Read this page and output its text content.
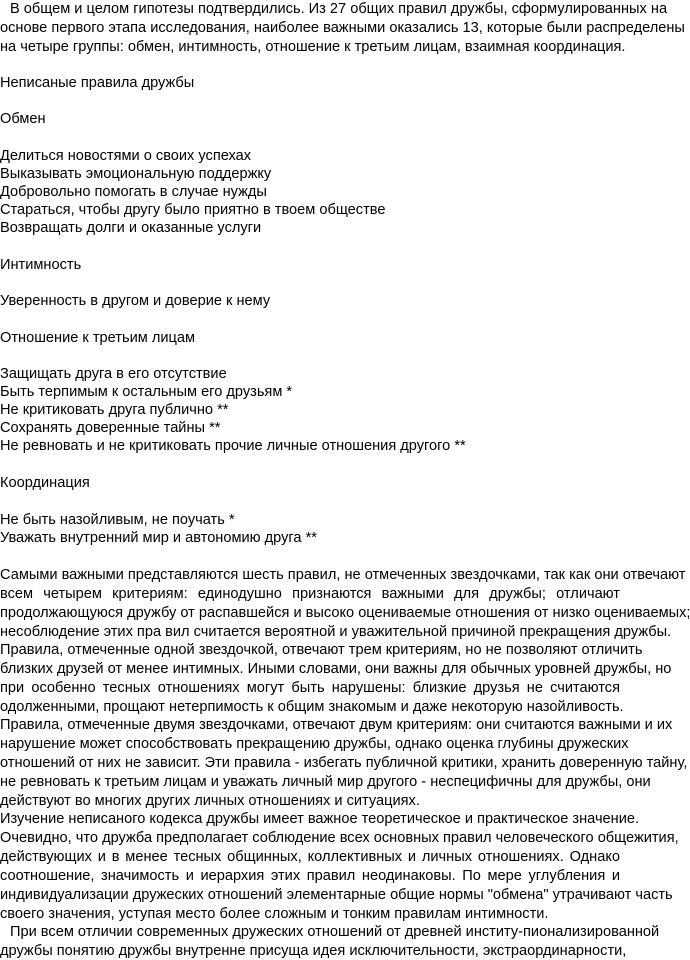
В общем и целом гипотезы подтвердились. Из 27 общих правил дружбы, сформулированных на
основе первого этапа исследования, наиболее важными оказались 13, которые были распределены
на четыре группы: обмен, интимность, отношение к третьим лицам, взаимная координация.
Неписаные правила дружбы
Обмен
Делиться новостями о своих успехах
Выказывать эмоциональную поддержку
Добровольно помогать в случае нужды
Стараться, чтобы другу было приятно в твоем обществе
Возвращать долги и оказанные услуги
Интимность
Уверенность в другом и доверие к нему
Отношение к третьим лицам
Защищать друга в его отсутствие
Быть терпимым к остальным его друзьям *
Не критиковать друга публично **
Сохранять доверенные тайны **
Не ревновать и не критиковать прочие личные отношения другого **
Координация
Не быть назойливым, не поучать *
Уважать внутренний мир и автономию друга **
Самыми важными представляются шесть правил, не отмеченных звездочками, так как они отвечают
всем четырем критериям: единодушно признаются важными для дружбы; отличают
продолжающуюся дружбу от распавшейся и высоко оцениваемые отношения от низко оцениваемых;
несоблюдение этих пра вил считается вероятной и уважительной причиной прекращения дружбы.
Правила, отмеченные одной звездочкой, отвечают трем критериям, но не позволяют отличить
близких друзей от менее интимных. Иными словами, они важны для обычных уровней дружбы, но
при особенно тесных отношениях могут быть нарушены: близкие друзья не считаются
одолженными, прощают нетерпимость к общим знакомым и даже некоторую назойливость.
Правила, отмеченные двумя звездочками, отвечают двум критериям: они считаются важными и их
нарушение может способствовать прекращению дружбы, однако оценка глубины дружеских
отношений от них не зависит. Эти правила - избегать публичной критики, хранить доверенную тайну,
не ревновать к третьим лицам и уважать личный мир другого - неспецифичны для дружбы, они
действуют во многих других личных отношениях и ситуациях.
Изучение неписаного кодекса дружбы имеет важное теоретическое и практическое значение.
Очевидно, что дружба предполагает соблюдение всех основных правил человеческого общежития,
действующих и в менее тесных общинных, коллективных и личных отношениях. Однако
соотношение, значимость и иерархия этих правил неодинаковы. По мере углубления и
индивидуализации дружеских отношений элементарные общие нормы "обмена" утрачивают часть
своего значения, уступая место более сложным и тонким правилам интимности.
При всем отличии современных дружеских отношений от древней институ-пионализированной
дружбы понятию дружбы внутренне присуща идея исключительности, экстраординарности,
